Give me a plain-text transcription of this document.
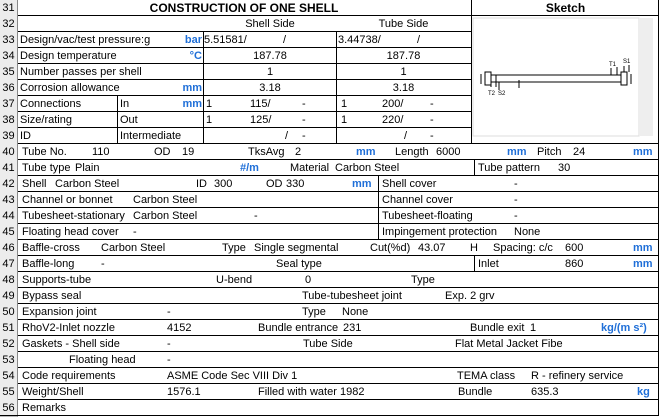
31	CONSTRUCTION OF ONE SHELL	Sketch
32	Shell Side	Tube Side
33 Design/vac/test pressure:g	bar 5.51581/	/	3.44738/	/
34 Design temperature	°C	187.78	187.78
35 Number passes per shell	1	1
36 Corrosion allowance	mm	3.18	3.18
37 Connections	In	mm 1	115/	-	1	200/	-
38 Size/rating	Out	1	125/	-	1	220/	-
39 ID	Intermediate	/	-	/	-
40 Tube No.	110	OD	19	TksAvg 2	mm Length 6000	mm Pitch	24	mm
41 Tube type Plain	#/m	Material Carbon Steel	Tube pattern	30
42 Shell Carbon Steel	ID 300	OD 330	mm Shell cover	-
43 Channel or bonnet	Carbon Steel	Channel cover	-
44 Tubesheet-stationary Carbon Steel	-	Tubesheet-floating	-
45 Floating head cover	-	Impingement protection	None
46 Baffle-cross	Carbon Steel	Type Single segmental	Cut(%d) 43.07	H Spacing: c/c	600	mm
47 Baffle-long	-	Seal type	Inlet	860	mm
48 Supports-tube	U-bend	0	Type
49 Bypass seal	Tube-tubesheet joint	Exp. 2 grv
50 Expansion joint	-	Type	None
51 RhoV2-Inlet nozzle	4152	Bundle entrance 231	Bundle exit 1	kg/(m s²)
52 Gaskets - Shell side	-	Tube Side	Flat Metal Jacket Fibe
53	Floating head	-
54 Code requirements	ASME Code Sec VIII Div 1	TEMA class	R - refinery service
55 Weight/Shell	1576.1	Filled with water 1982	Bundle	635.3	kg
56 Remarks
T1 S1
T2 S2
